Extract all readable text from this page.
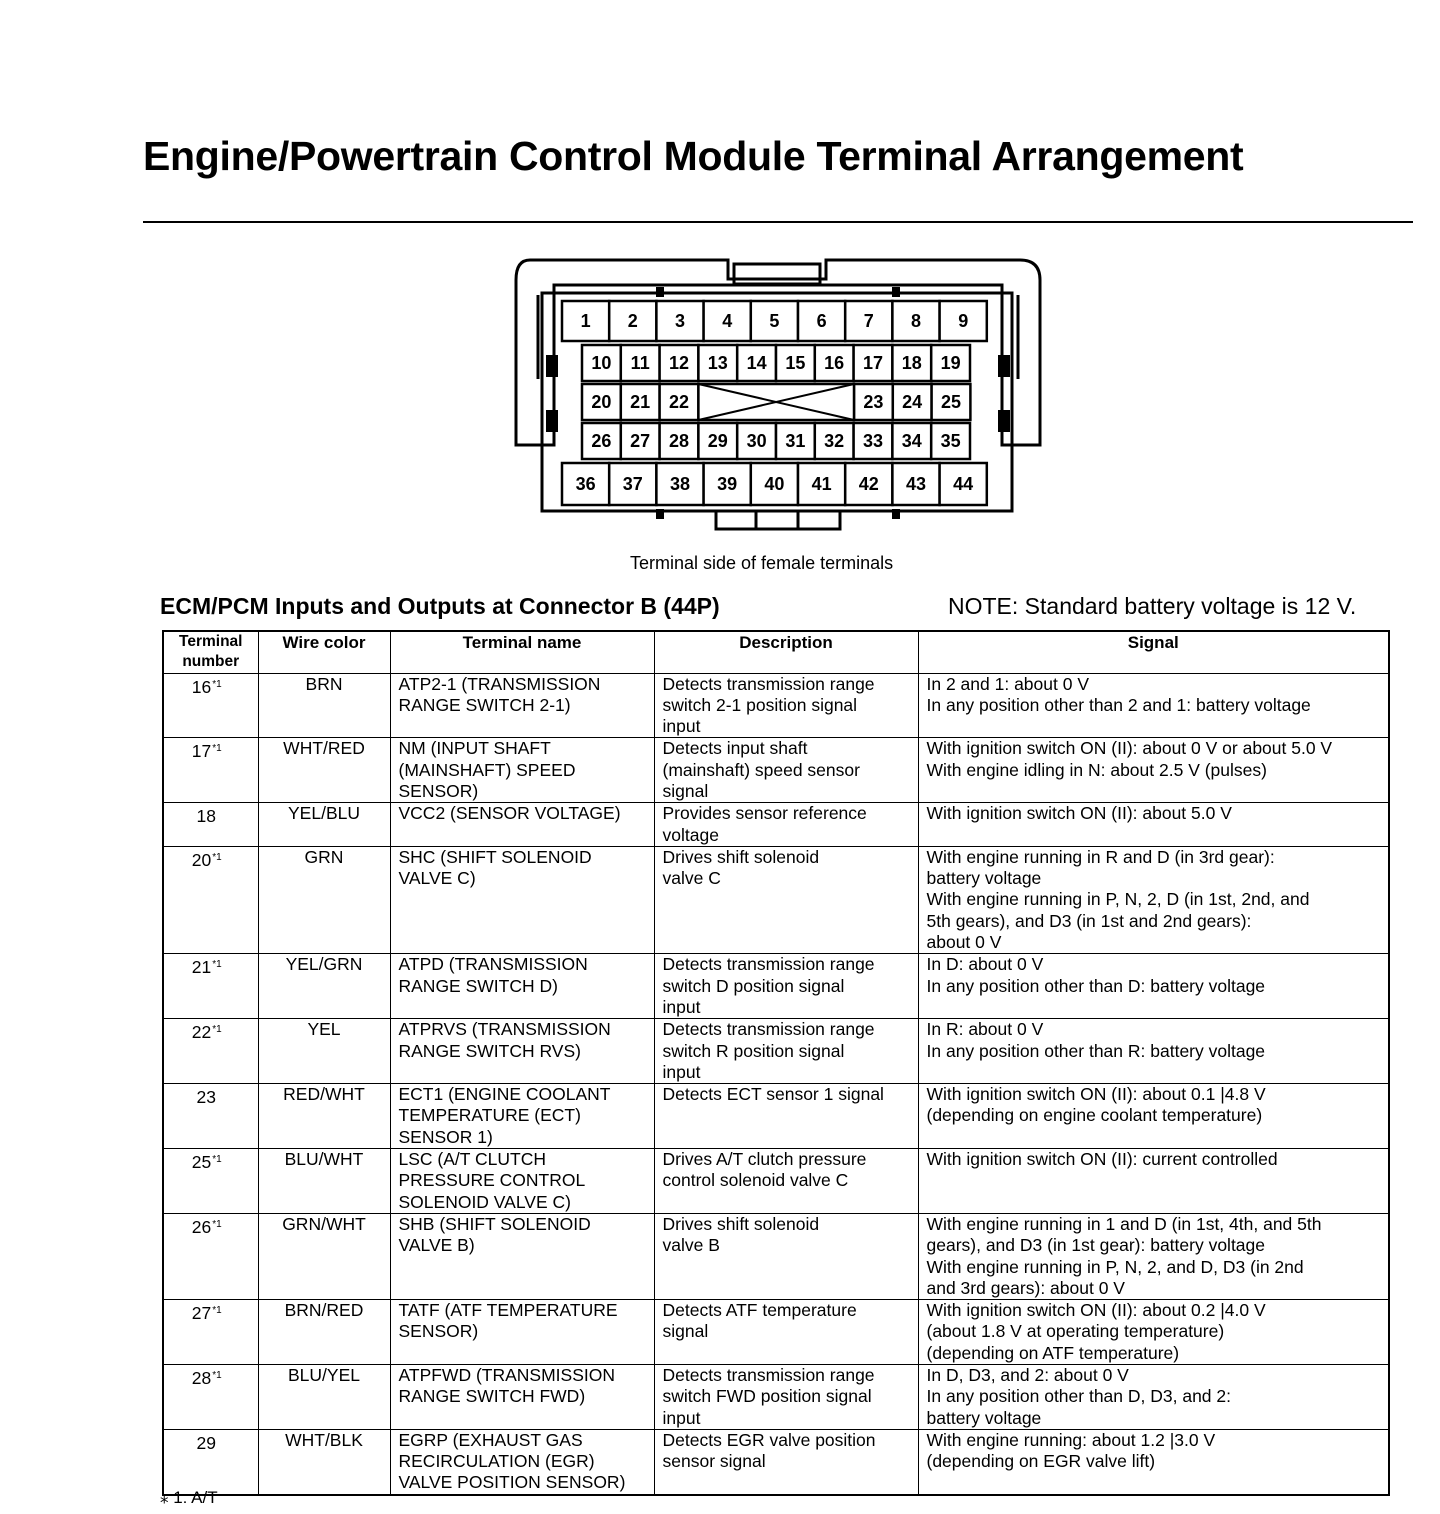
Engine/Powertrain Control Module Terminal Arrangement
1 2 3 4 5 6 7 8 9
10 11 12 13 14 15 16 17 18 19
20 21 22	23 24 25
26 27 28 29 30 31 32 33 34 35
36 37 38 39 40 41 42 43 44
Terminal side of female terminals
ECM/PCM Inputs and Outputs at Connector B (44P)	NOTE: Standard battery voltage is 12 V.
Terminal number	Wire color	Terminal name	Description	Signal
16$^{*1}$	BRN	ATP2-1 (TRANSMISSION
RANGE SWITCH 2-1)	Detects transmission range
switch 2-1 position signal
input	In 2 and 1: about 0 V
In any position other than 2 and 1: battery voltage
17$^{*1}$	WHT/RED	NM (INPUT SHAFT
(MAINSHAFT) SPEED
SENSOR)	Detects input shaft
(mainshaft) speed sensor
signal	With ignition switch ON (II): about 0 V or about 5.0 V
With engine idling in N: about 2.5 V (pulses)
18	YEL/BLU	VCC2 (SENSOR VOLTAGE)	Provides sensor reference
voltage	With ignition switch ON (II): about 5.0 V
20$^{*1}$	GRN	SHC (SHIFT SOLENOID
VALVE C)	Drives shift solenoid
valve C	With engine running in R and D (in 3rd gear):
battery voltage
With engine running in P, N, 2, D (in 1st, 2nd, and
5th gears), and D3 (in 1st and 2nd gears):
about 0 V
21$^{*1}$	YEL/GRN	ATPD (TRANSMISSION
RANGE SWITCH D)	Detects transmission range
switch D position signal
input	In D: about 0 V
In any position other than D: battery voltage
22$^{*1}$	YEL	ATPRVS (TRANSMISSION
RANGE SWITCH RVS)	Detects transmission range
switch R position signal
input	In R: about 0 V
In any position other than R: battery voltage
23	RED/WHT	ECT1 (ENGINE COOLANT
TEMPERATURE (ECT)
SENSOR 1)	Detects ECT sensor 1 signal	With ignition switch ON (II): about 0.1 |4.8 V
(depending on engine coolant temperature)
25$^{*1}$	BLU/WHT	LSC (A/T CLUTCH
PRESSURE CONTROL
SOLENOID VALVE C)	Drives A/T clutch pressure
control solenoid valve C	With ignition switch ON (II): current controlled
26$^{*1}$	GRN/WHT	SHB (SHIFT SOLENOID
VALVE B)	Drives shift solenoid
valve B	With engine running in 1 and D (in 1st, 4th, and 5th
gears), and D3 (in 1st gear): battery voltage
With engine running in P, N, 2, and D, D3 (in 2nd
and 3rd gears): about 0 V
27$^{*1}$	BRN/RED	TATF (ATF TEMPERATURE
SENSOR)	Detects ATF temperature
signal	With ignition switch ON (II): about 0.2 |4.0 V
(about 1.8 V at operating temperature)
(depending on ATF temperature)
28$^{*1}$	BLU/YEL	ATPFWD (TRANSMISSION
RANGE SWITCH FWD)	Detects transmission range
switch FWD position signal
input	In D, D3, and 2: about 0 V
In any position other than D, D3, and 2:
battery voltage
29	WHT/BLK	EGRP (EXHAUST GAS
RECIRCULATION (EGR)
VALVE POSITION SENSOR)	Detects EGR valve position
sensor signal	With engine running: about 1.2 |3.0 V
(depending on EGR valve lift)
⁎ 1: A/T
